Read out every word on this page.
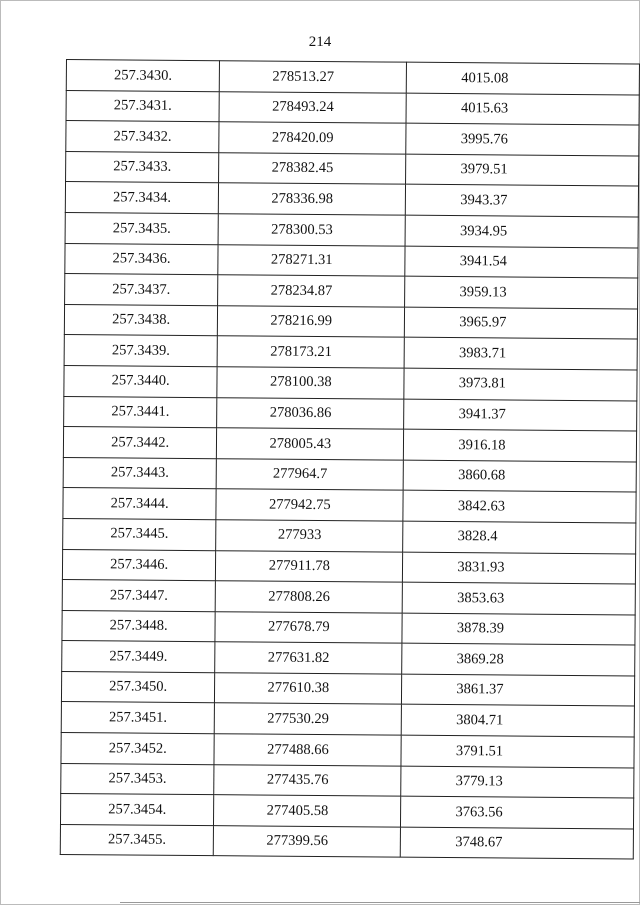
214
257.3430.	278513.27	4015.08
257.3431.	278493.24	4015.63
257.3432.	278420.09	3995.76
257.3433.	278382.45	3979.51
257.3434.	278336.98	3943.37
257.3435.	278300.53	3934.95
257.3436.	278271.31	3941.54
257.3437.	278234.87	3959.13
257.3438.	278216.99	3965.97
257.3439.	278173.21	3983.71
257.3440.	278100.38	3973.81
257.3441.	278036.86	3941.37
257.3442.	278005.43	3916.18
257.3443.	277964.7	3860.68
257.3444.	277942.75	3842.63
257.3445.	277933	3828.4
257.3446.	277911.78	3831.93
257.3447.	277808.26	3853.63
257.3448.	277678.79	3878.39
257.3449.	277631.82	3869.28
257.3450.	277610.38	3861.37
257.3451.	277530.29	3804.71
257.3452.	277488.66	3791.51
257.3453.	277435.76	3779.13
257.3454.	277405.58	3763.56
257.3455.	277399.56	3748.67
